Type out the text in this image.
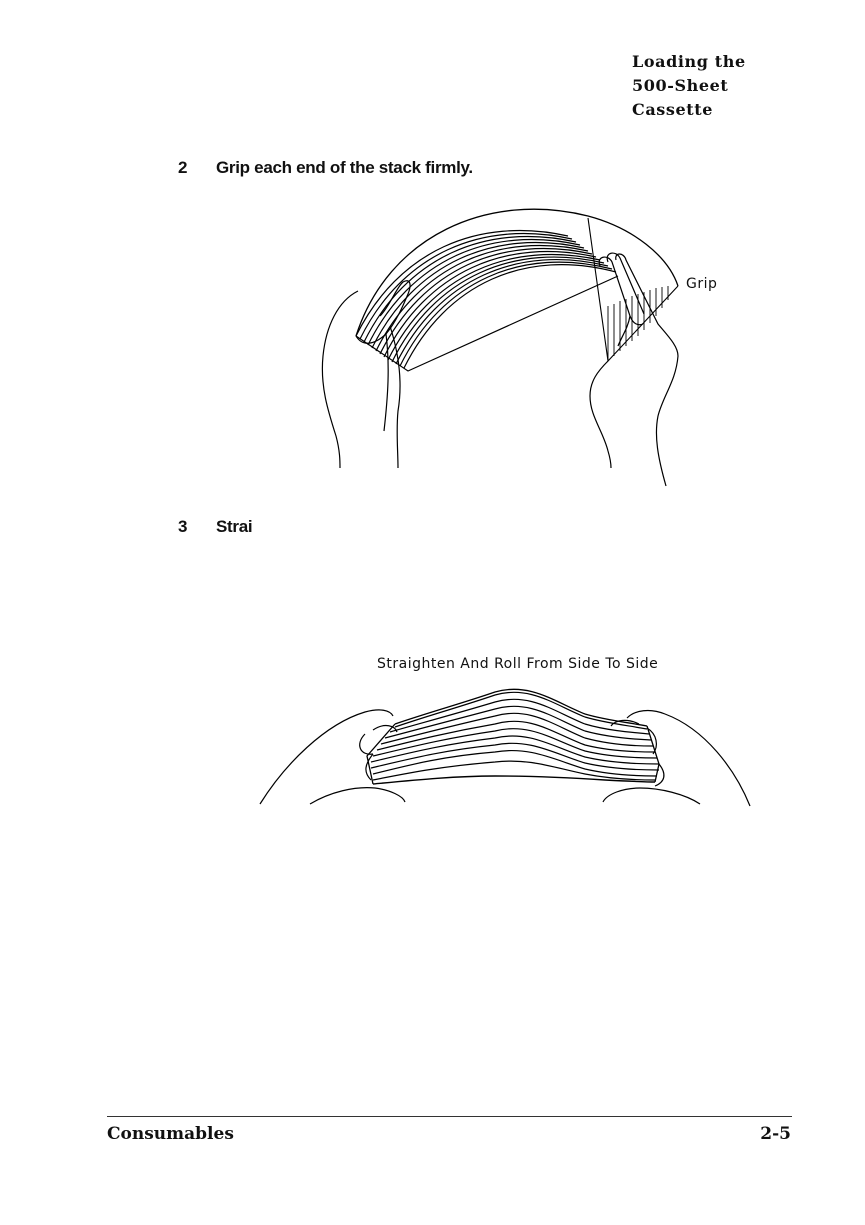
Loading the
500-Sheet
Cassette
2 Grip each end of the stack firmly.
Grip
3 Strai
Straighten And Roll From Side To Side
Consumables	2-5
